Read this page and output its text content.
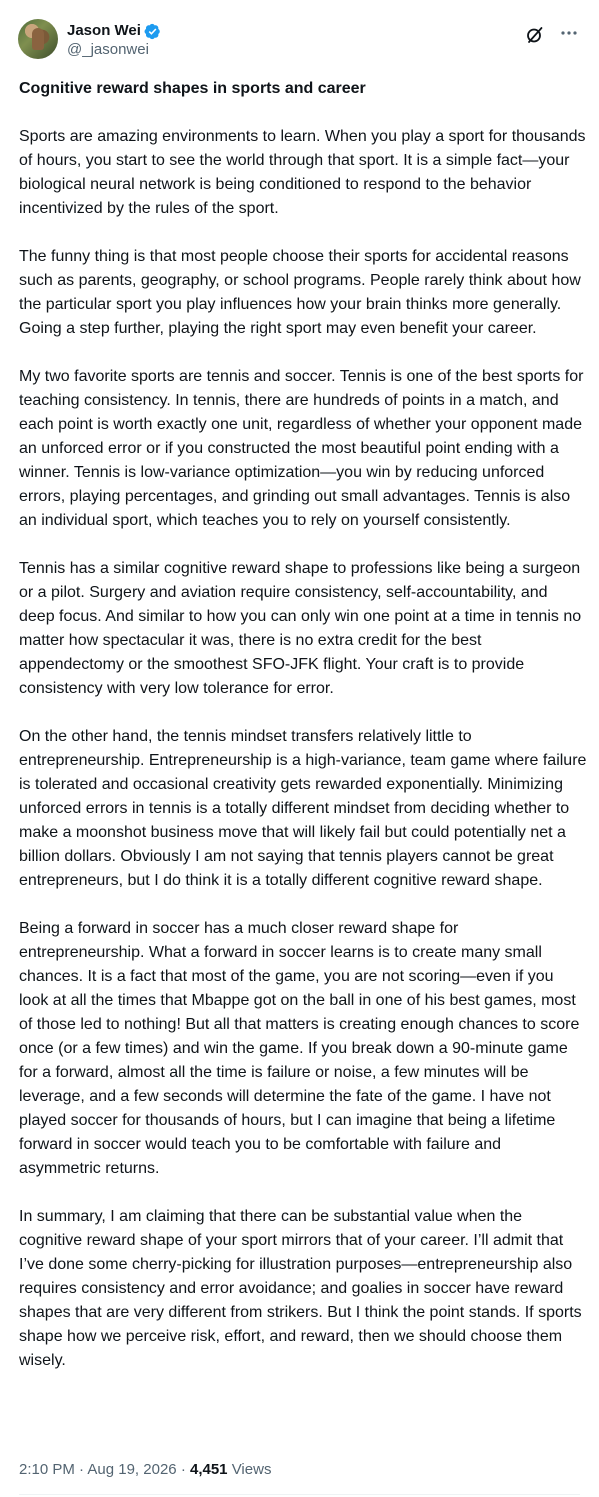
Jason Wei
@_jasonwei
Cognitive reward shapes in sports and career

Sports are amazing environments to learn. When you play a sport for thousands of hours, you start to see the world through that sport. It is a simple fact—your biological neural network is being conditioned to respond to the behavior incentivized by the rules of the sport.

The funny thing is that most people choose their sports for accidental reasons such as parents, geography, or school programs. People rarely think about how the particular sport you play influences how your brain thinks more generally. Going a step further, playing the right sport may even benefit your career.

My two favorite sports are tennis and soccer. Tennis is one of the best sports for teaching consistency. In tennis, there are hundreds of points in a match, and each point is worth exactly one unit, regardless of whether your opponent made an unforced error or if you constructed the most beautiful point ending with a winner. Tennis is low-variance optimization—you win by reducing unforced errors, playing percentages, and grinding out small advantages. Tennis is also an individual sport, which teaches you to rely on yourself consistently.

Tennis has a similar cognitive reward shape to professions like being a surgeon or a pilot. Surgery and aviation require consistency, self-accountability, and deep focus. And similar to how you can only win one point at a time in tennis no matter how spectacular it was, there is no extra credit for the best appendectomy or the smoothest SFO-JFK flight. Your craft is to provide consistency with very low tolerance for error.

On the other hand, the tennis mindset transfers relatively little to entrepreneurship. Entrepreneurship is a high-variance, team game where failure is tolerated and occasional creativity gets rewarded exponentially. Minimizing unforced errors in tennis is a totally different mindset from deciding whether to make a moonshot business move that will likely fail but could potentially net a billion dollars. Obviously I am not saying that tennis players cannot be great entrepreneurs, but I do think it is a totally different cognitive reward shape.

Being a forward in soccer has a much closer reward shape for entrepreneurship. What a forward in soccer learns is to create many small chances. It is a fact that most of the game, you are not scoring—even if you look at all the times that Mbappe got on the ball in one of his best games, most of those led to nothing! But all that matters is creating enough chances to score once (or a few times) and win the game. If you break down a 90-minute game for a forward, almost all the time is failure or noise, a few minutes will be leverage, and a few seconds will determine the fate of the game. I have not played soccer for thousands of hours, but I can imagine that being a lifetime forward in soccer would teach you to be comfortable with failure and asymmetric returns.

In summary, I am claiming that there can be substantial value when the cognitive reward shape of your sport mirrors that of your career. I’ll admit that I’ve done some cherry-picking for illustration purposes—entrepreneurship also requires consistency and error avoidance; and goalies in soccer have reward shapes that are very different from strikers. But I think the point stands. If sports shape how we perceive risk, effort, and reward, then we should choose them wisely.

2:10 PM · Aug 19, 2026 · 4,451 Views
